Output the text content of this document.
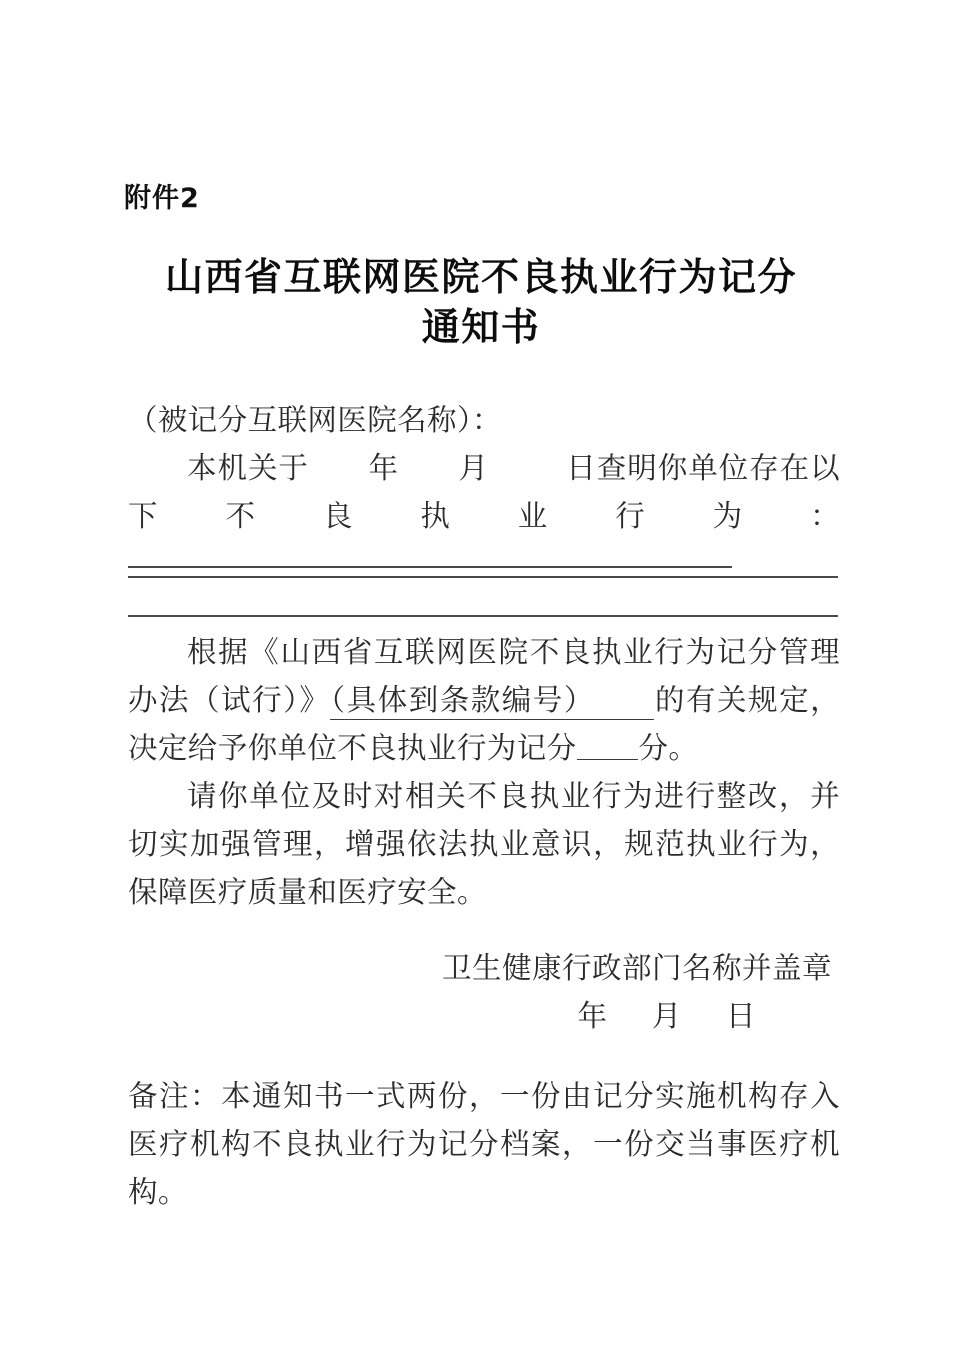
附件2
山西省互联网医院不良执业行为记分
通知书

（被记分互联网医院名称）：

本机关于 年 月	日查明你单位存在以下不良执业行为：

根据《山西省互联网医院不良执业行为记分管理办法（试行）》（具体到条款编号） 的有关规定，决定给予你单位不良执业行为记分 分。

请你单位及时对相关不良执业行为进行整改，并切实加强管理，增强依法执业意识，规范执业行为，保障医疗质量和医疗安全。

卫生健康行政部门名称并盖章
年 月 日
备注：本通知书一式两份，一份由记分实施机构存入医疗机构不良执业行为记分档案，一份交当事医疗机构。
